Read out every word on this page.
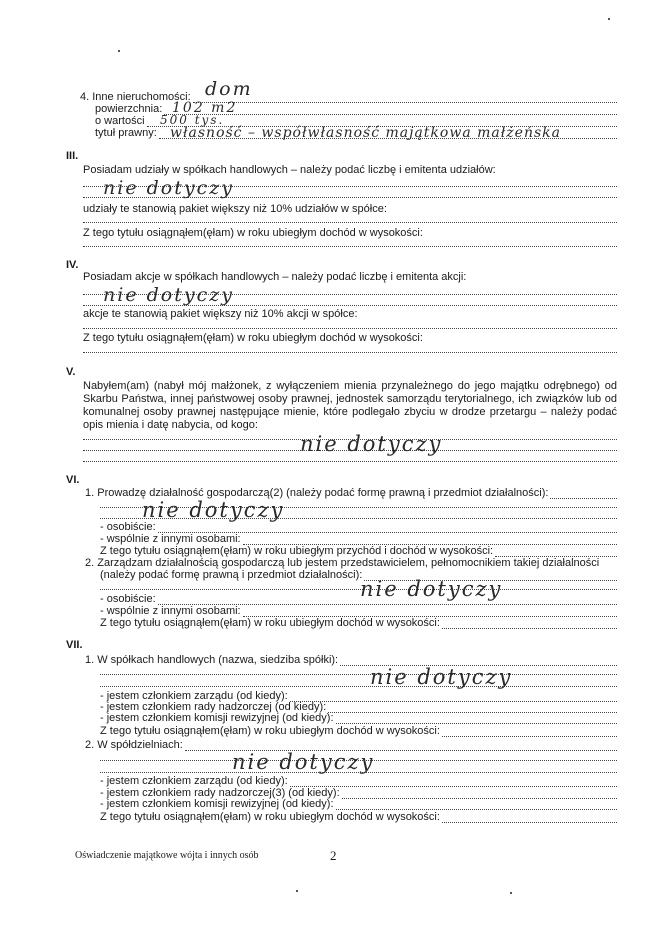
4. Inne nieruchomości:
powierzchnia:
o wartości
tytuł prawny:
dom
102 m2
500 tys.
własność – współwłasność majątkowa małżeńska
III.
Posiadam udziały w spółkach handlowych – należy podać liczbę i emitenta udziałów:
nie dotyczy
udziały te stanowią pakiet większy niż 10% udziałów w spółce:
Z tego tytułu osiągnąłem(ęłam) w roku ubiegłym dochód w wysokości:
IV.
Posiadam akcje w spółkach handlowych – należy podać liczbę i emitenta akcji:
nie dotyczy
akcje te stanowią pakiet większy niż 10% akcji w spółce:
Z tego tytułu osiągnąłem(ęłam) w roku ubiegłym dochód w wysokości:
V.
Nabyłem(am) (nabył mój małżonek, z wyłączeniem mienia przynależnego do jego majątku odrębnego) od Skarbu Państwa, innej państwowej osoby prawnej, jednostek samorządu terytorialnego, ich związków lub od komunalnej osoby prawnej następujące mienie, które podlegało zbyciu w drodze przetargu – należy podać opis mienia i datę nabycia, od kogo:
nie dotyczy
VI.
1. Prowadzę działalność gospodarczą(2) (należy podać formę prawną i przedmiot działalności):
nie dotyczy
- osobiście:
- wspólnie z innymi osobami:
Z tego tytułu osiągnąłem(ęłam) w roku ubiegłym przychód i dochód w wysokości:
2. Zarządzam działalnością gospodarczą lub jestem przedstawicielem, pełnomocnikiem takiej działalności
(należy podać formę prawną i przedmiot działalności):
nie dotyczy
- osobiście:
- wspólnie z innymi osobami:
Z tego tytułu osiągnąłem(ęłam) w roku ubiegłym dochód w wysokości:
VII.
1. W spółkach handlowych (nazwa, siedziba spółki):
nie dotyczy
- jestem członkiem zarządu (od kiedy):
- jestem członkiem rady nadzorczej (od kiedy):
- jestem członkiem komisji rewizyjnej (od kiedy):
Z tego tytułu osiągnąłem(ęłam) w roku ubiegłym dochód w wysokości:
2. W spółdzielniach:
nie dotyczy
- jestem członkiem zarządu (od kiedy):
- jestem członkiem rady nadzorczej(3) (od kiedy):
- jestem członkiem komisji rewizyjnej (od kiedy):
Z tego tytułu osiągnąłem(ęłam) w roku ubiegłym dochód w wysokości:
Oświadczenie majątkowe wójta i innych osób	2
